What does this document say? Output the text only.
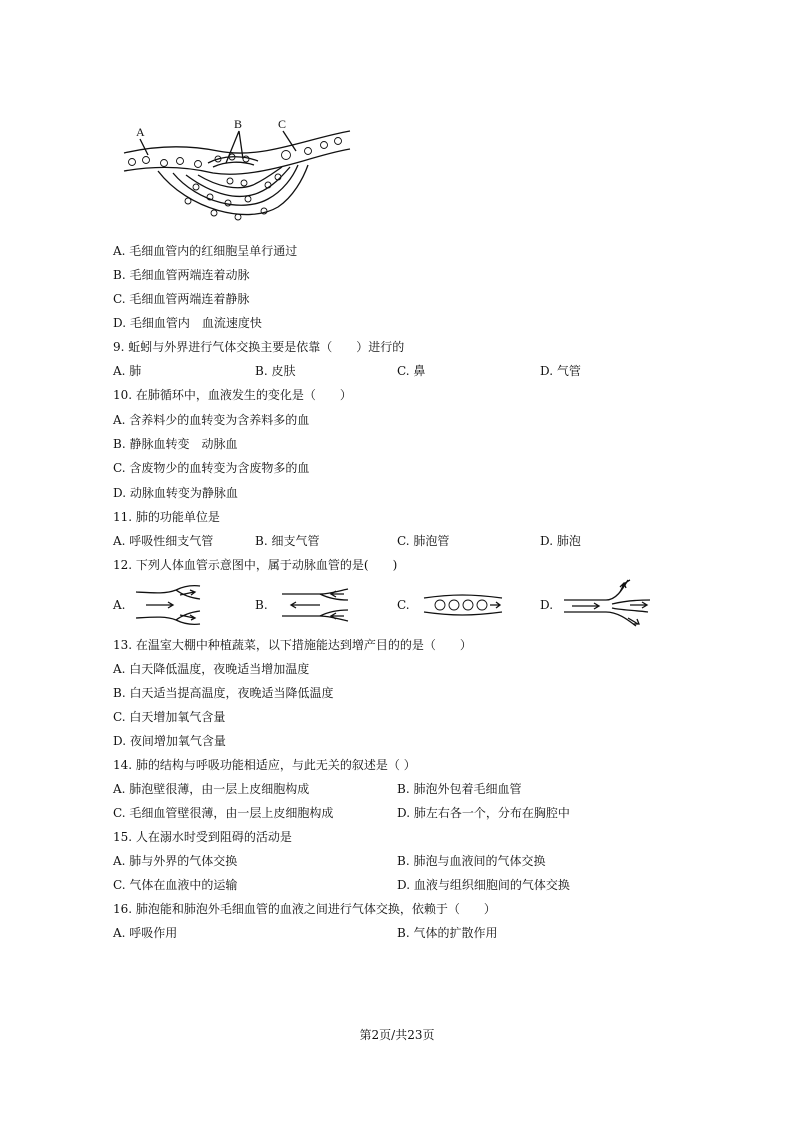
A
B	C
A. 毛细血管内的红细胞呈单行通过
B. 毛细血管两端连着动脉
C. 毛细血管两端连着静脉
D. 毛细血管内　血流速度快
9. 蚯蚓与外界进行气体交换主要是依靠（　　）进行的
A. 肺	B. 皮肤	C. 鼻	D. 气管
10. 在肺循环中，血液发生的变化是（　　）
A. 含养料少的血转变为含养料多的血
B. 静脉血转变　动脉血
C. 含废物少的血转变为含废物多的血
D. 动脉血转变为静脉血
11. 肺的功能单位是
A. 呼吸性细支气管	B. 细支气管	C. 肺泡管	D. 肺泡
12. 下列人体血管示意图中，属于动脉血管的是(　　)
A.	B.	C.	D.
13. 在温室大棚中种植蔬菜，以下措施能达到增产目的的是（　　）
A. 白天降低温度，夜晚适当增加温度
B. 白天适当提高温度，夜晚适当降低温度
C. 白天增加氧气含量
D. 夜间增加氧气含量
14. 肺的结构与呼吸功能相适应，与此无关的叙述是（ ）
A. 肺泡壁很薄，由一层上皮细胞构成	B. 肺泡外包着毛细血管
C. 毛细血管壁很薄，由一层上皮细胞构成	D. 肺左右各一个，分布在胸腔中
15. 人在溺水时受到阻碍的活动是
A. 肺与外界的气体交换	B. 肺泡与血液间的气体交换
C. 气体在血液中的运输	D. 血液与组织细胞间的气体交换
16. 肺泡能和肺泡外毛细血管的血液之间进行气体交换，依赖于（　　）
A. 呼吸作用	B. 气体的扩散作用
第2页/共23页
